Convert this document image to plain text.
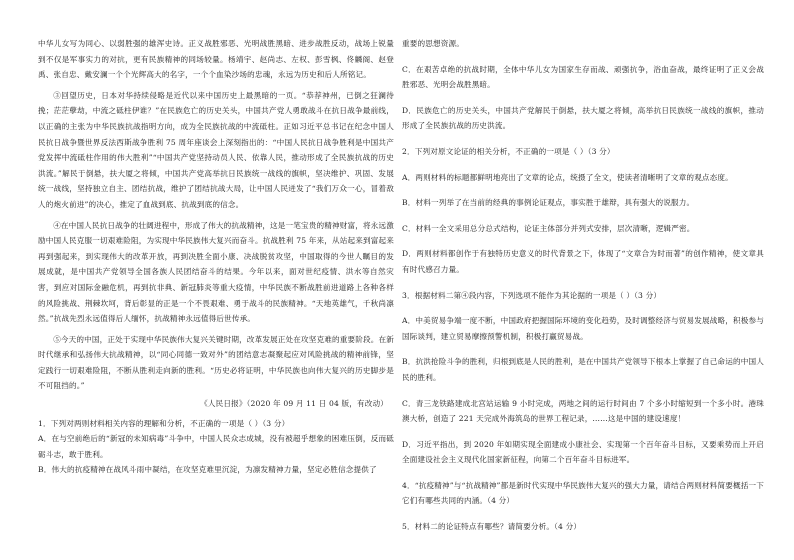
中华儿女写为同心、以弱胜强的雄浑史诗。正义战胜邪恶、光明战胜黑暗、进步战胜反动，战场上锐量到不仅是军事实力的对抗，更有民族精神的同场较量。杨靖宇、赵尚志、左权、彭雪枫、佟麟阁、赵登禹、张自忠、戴安澜一个个光辉高大的名字，一个个血染沙场的忠魂，永远为历史和后人所铭记。

③回望历史，日本对华持续侵略是近代以来中国历史上最黑暗的一页。“恭荐神州，已倒之狂澜待挽；茫茫孽劫，中流之砥柱伊谁？”在民族危亡的历史关头，中国共产党人勇敢战斗在抗日战争最前线，以正确的主张为中华民族抗战指明方向，成为全民族抗战的中流砥柱。正如习近平总书记在纪念中国人民抗日战争暨世界反法西斯战争胜利 75 周年座谈会上深刻指出的：“中国人民抗日战争胜利是中国共产党发挥中流砥柱作用的伟大胜利”“中国共产党坚持动员人民、依靠人民，推动形成了全民族抗战的历史洪流。”解民于倒悬，扶大厦之将倾，中国共产党高举抗日民族统一战线的旗帜，坚决维护、巩固、发展统一战线，坚持独立自主、团结抗战，维护了团结抗战大局，让中国人民迸发了“我们万众一心，冒着敌人的炮火前进”的决心，推定了血战到底、抗战到底的信念。

④在中国人民抗日战争的壮阔进程中，形成了伟大的抗战精神，这是一笔宝贵的精神财富，将永远激励中国人民克服一切艰难险阻，为实现中华民族伟大复兴而奋斗。抗战胜利 75 年来，从站起来到富起来再到强起来，到实现伟大的改革开放，再到决胜全面小康、决战脱贫攻坚，中国取得的今世人瞩目的发展成就，是中国共产党领导全国各族人民团结奋斗的结果。今年以来，面对世纪疫情、洪水等自然灾害，到应对国际金融危机，再到抗非典、新冠肺炎等重大疫情，中华民族不断战胜前进道路上各种各样的风险挑战、荆棘坎坷，背后彰显的正是一个不畏艰难、勇于战斗的民族精神。“天地英雄气，千秋尚凛然。”抗战先烈永远值得后人缅怀，抗战精神永远值得后世传承。

⑤今天的中国，正处于实现中华民族伟大复兴关键时期，改革发展正处在攻坚克难的重要阶段。在新时代继承和弘扬伟大抗战精神，以“同心同德一致对外”的团结意志凝聚起应对风险挑战的精神前锋，坚定践行一切艰难险阻，不断从胜利走向新的胜利。“历史必将证明，中华民族也向伟大复兴的历史脚步是不可阻挡的。”

《人民日报》（2020 年 09 月 11 日 04 版，有改动）

1．下列对两则材料相关内容的理解和分析，不正确的一项是（ ）（3 分）

A．在与空前绝后的“新冠的未知病毒”斗争中，中国人民众志成城，没有被超乎想象的困难压倒，反而砥砺斗志，敢于胜利。

B．伟大的抗疫精神在战风斗雨中凝结，在攻坚克难里沉淀，为凛发精神力量，坚定必胜信念提供了

重要的思想资源。

C．在艰苦卓绝的抗战时期，全体中华儿女为国家生存而战、顽强抗争，浴血奋战，最终证明了正义会战胜邪恶、光明会战胜黑暗。

D．民族危亡的历史关头，中国共产党解民于倒悬，扶大厦之将倾，高举抗日民族统一战线的旗帜，推动形成了全民族抗战的历史洪流。

2．下列对原文论证的相关分析，不正确的一项是（ ）（3 分）

A．两则材料的标题都鲜明地亮出了文章的论点，统摄了全文，使读者清晰明了文章的观点态度。

B．材料一列举了在当前的经典的事例论证观点，事实胜于雄辩，具有强大的说服力。

C．材料一全文采用总分总式结构，论证主体部分并列式安排，层次清晰，逻辑严密。

D．两则材料都创作于有独特历史意义的时代背景之下，体现了“文章合为时而著”的创作精神，使文章具有时代感召力量。

3．根据材料二第④段内容，下列选项不能作为其论据的一项是（ ）（3 分）

A．中美贸易争端一度不断，中国政府把握国际环境的变化趋势，及时调整经济与贸易发展战略，积极参与国际谈判，建立贸易摩擦预警机制，积极打赢贸易战。

B．抗洪抢险斗争的胜利，归根到底是人民的胜利，是在中国共产党领导下根本上掌握了自己命运的中国人民的胜利。

C．青三龙铁路建成北宫站运输 9 小时完成，两地之间的运行时间由 7 个多小时缩短到一个多小时。港珠澳大桥，创造了 221 天完成外海筑岛的世界工程记录，……这是中国的建设速度！

D．习近平指出，到 2020 年如期实现全面建成小康社会、实现第一个百年奋斗目标，又要乘势而上开启全面建设社会主义现代化国家新征程，向第二个百年奋斗目标进军。

4．“抗疫精神”与“抗战精神”都是新时代实现中华民族伟大复兴的强大力量，请结合两则材料简要概括一下它们有哪些共同的内涵。（4 分）

5．材料二的论证特点有哪些？请简要分析。（4 分）
